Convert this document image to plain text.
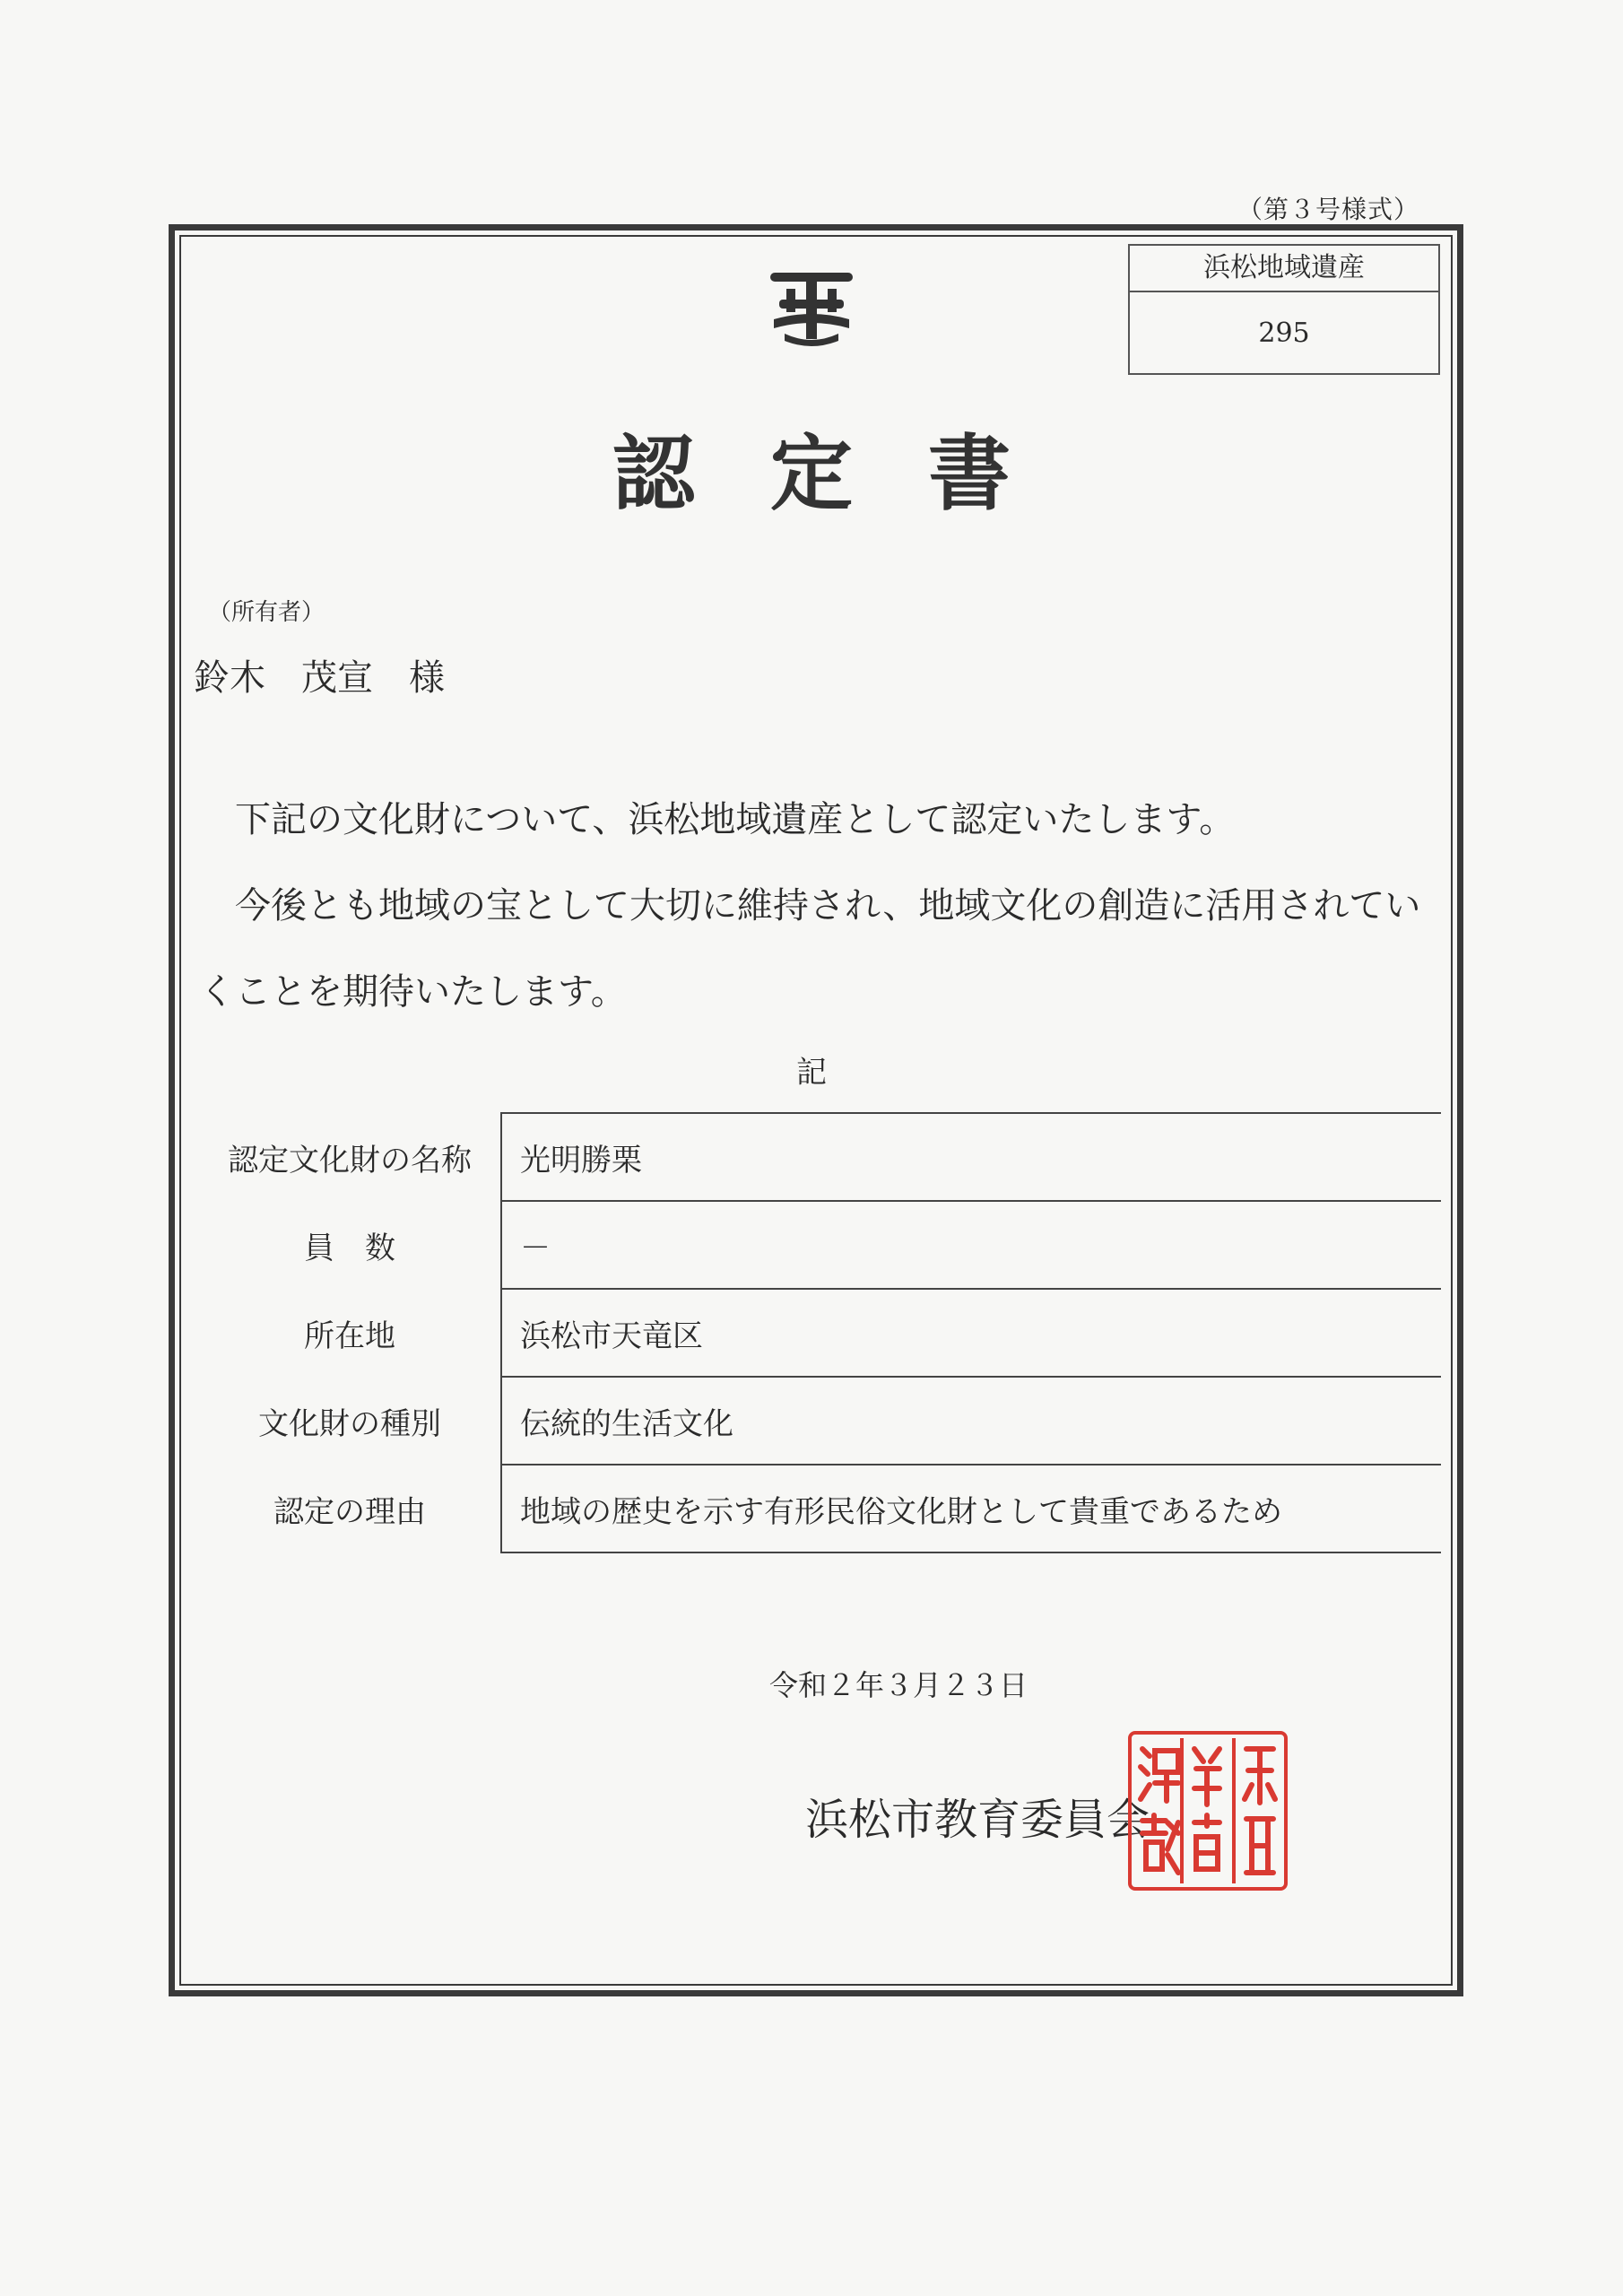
（第３号様式）
浜松地域遺産
295
認定書
（所有者）
鈴木　茂宣　様

下記の文化財について、浜松地域遺産として認定いたします。

今後とも地域の宝として大切に維持され、地域文化の創造に活用されていくことを期待いたします。

記
認定文化財の名称	光明勝栗
員　数	－
所在地	浜松市天竜区
文化財の種別	伝統的生活文化
認定の理由	地域の歴史を示す有形民俗文化財として貴重であるため
令和２年３月２３日
浜松市教育委員会
